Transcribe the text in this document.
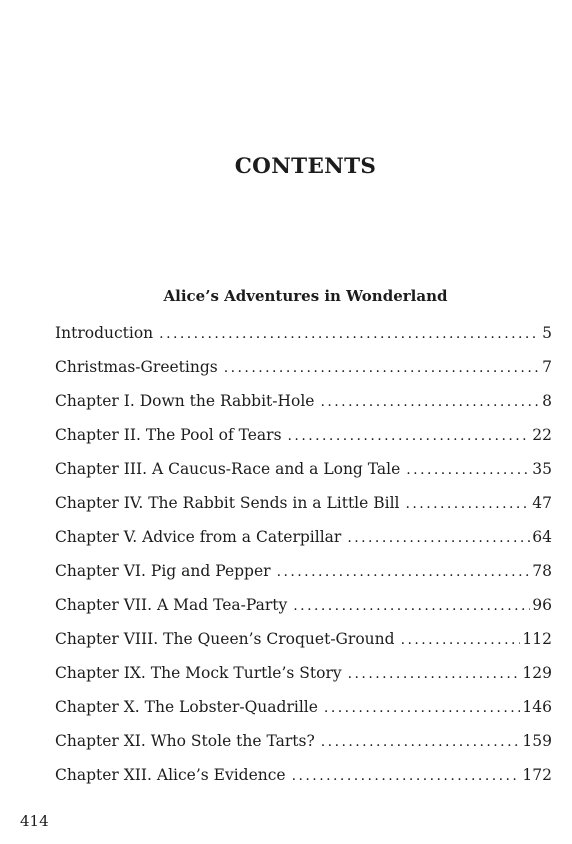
CONTENTS
Alice’s Adventures in Wonderland
Introduction . . .	5
Christmas-Greetings . . .	7
Chapter I. Down the Rabbit-Hole . . .	8
Chapter II. The Pool of Tears . . .	22
Chapter III. A Caucus-Race and a Long Tale . . .	35
Chapter IV. The Rabbit Sends in a Little Bill . . .	47
Chapter V. Advice from a Caterpillar . . .	64
Chapter VI. Pig and Pepper . . .	78
Chapter VII. A Mad Tea-Party . . .	96
Chapter VIII. The Queen’s Croquet-Ground . . .	112
Chapter IX. The Mock Turtle’s Story . . .	129
Chapter X. The Lobster-Quadrille . . .	146
Chapter XI. Who Stole the Tarts? . . .	159
Chapter XII. Alice’s Evidence . . .	172
414
